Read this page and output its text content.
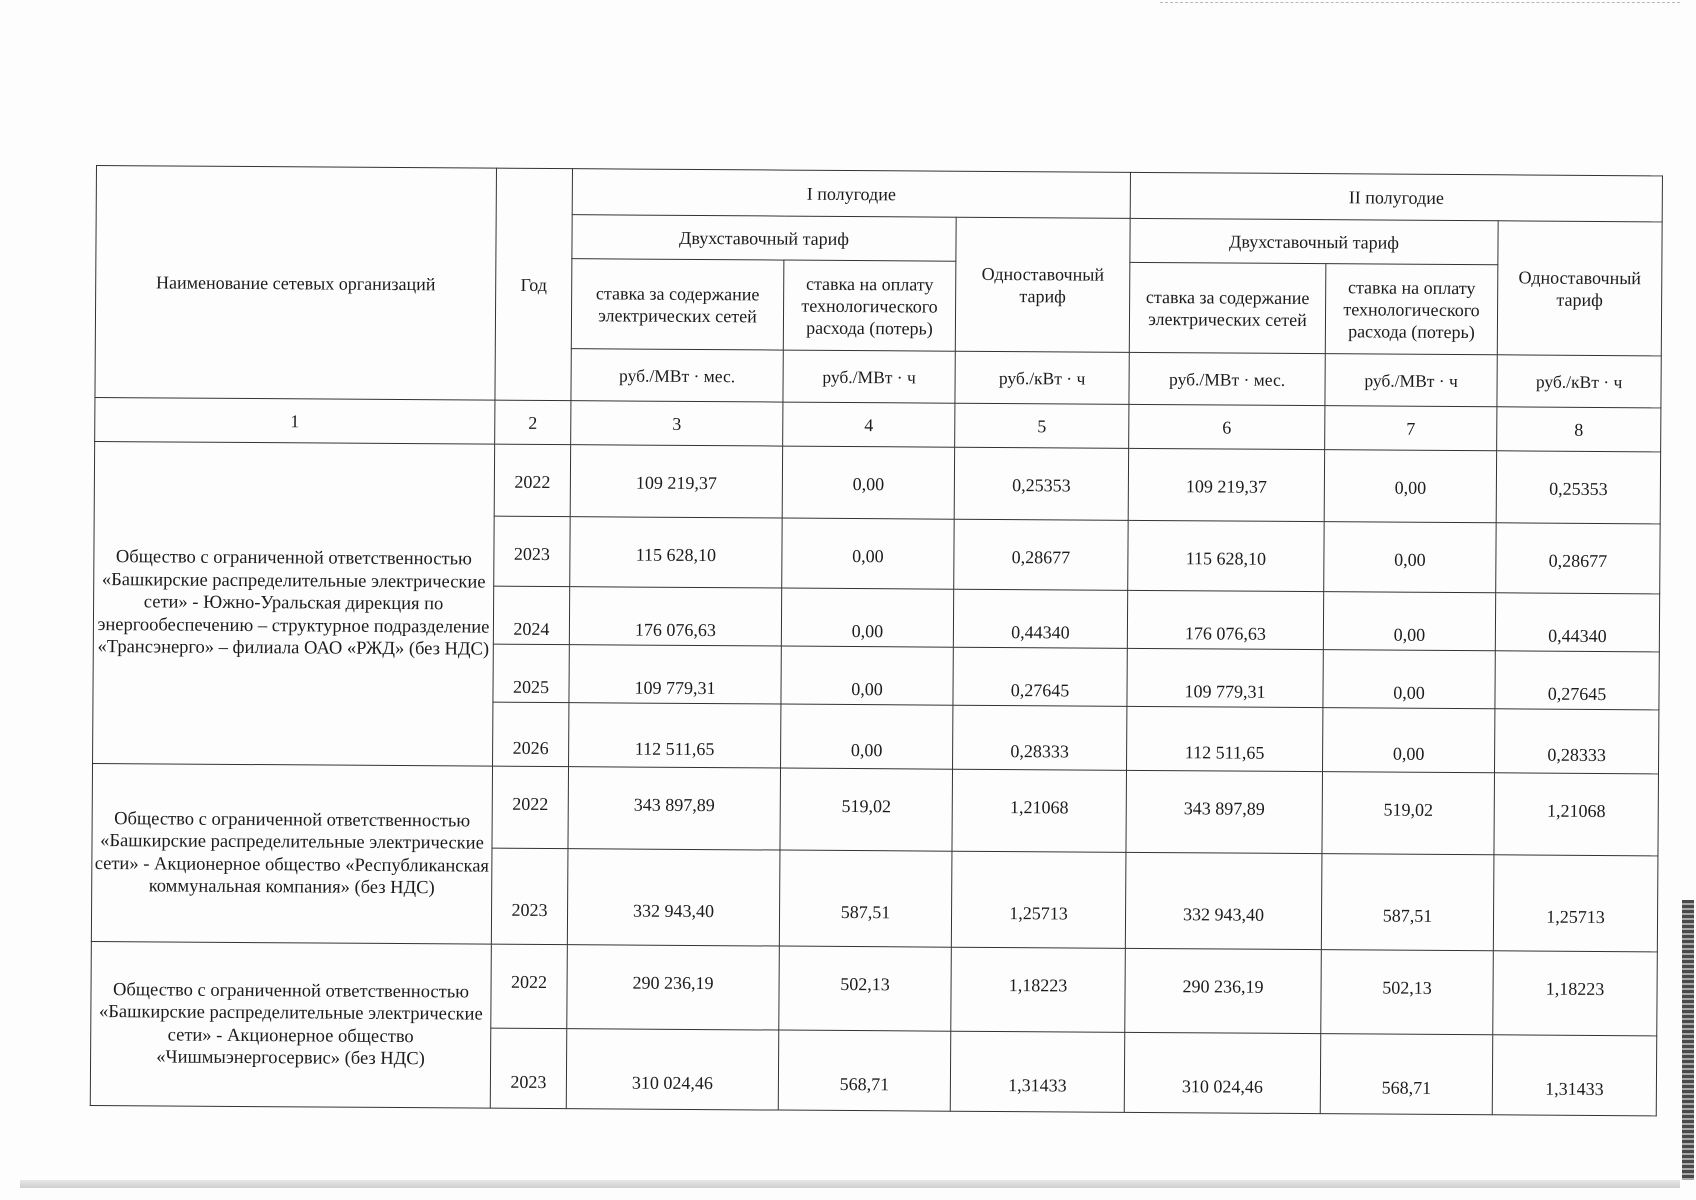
Наименование сетевых организаций	Год	I полугодие			II полугодие		
		Двухставочный тариф		Одноставочный тариф	Двухставочный тариф		Одноставочный тариф
		ставка за содержание электрических сетей	ставка на оплату технологического расхода (потерь)		ставка за содержание электрических сетей	ставка на оплату технологического расхода (потерь)	
		руб./МВт · мес.	руб./МВт · ч	руб./кВт · ч	руб./МВт · мес.	руб./МВт · ч	руб./кВт · ч
1	2	3	4	5	6	7	8
Общество с ограниченной ответственностью «Башкирские распределительные электрические сети» - Южно-Уральская дирекция по энергообеспечению – структурное подразделение «Трансэнерго» – филиала ОАО «РЖД» (без НДС)	2022	109 219,37	0,00	0,25353	109 219,37	0,00	0,25353
	2023	115 628,10	0,00	0,28677	115 628,10	0,00	0,28677
	2024	176 076,63	0,00	0,44340	176 076,63	0,00	0,44340
	2025	109 779,31	0,00	0,27645	109 779,31	0,00	0,27645
	2026	112 511,65	0,00	0,28333	112 511,65	0,00	0,28333
Общество с ограниченной ответственностью «Башкирские распределительные электрические сети» - Акционерное общество «Республиканская коммунальная компания» (без НДС)	2022	343 897,89	519,02	1,21068	343 897,89	519,02	1,21068
	2023	332 943,40	587,51	1,25713	332 943,40	587,51	1,25713
Общество с ограниченной ответственностью «Башкирские распределительные электрические сети» - Акционерное общество «Чишмыэнергосервис» (без НДС)	2022	290 236,19	502,13	1,18223	290 236,19	502,13	1,18223
	2023	310 024,46	568,71	1,31433	310 024,46	568,71	1,31433
